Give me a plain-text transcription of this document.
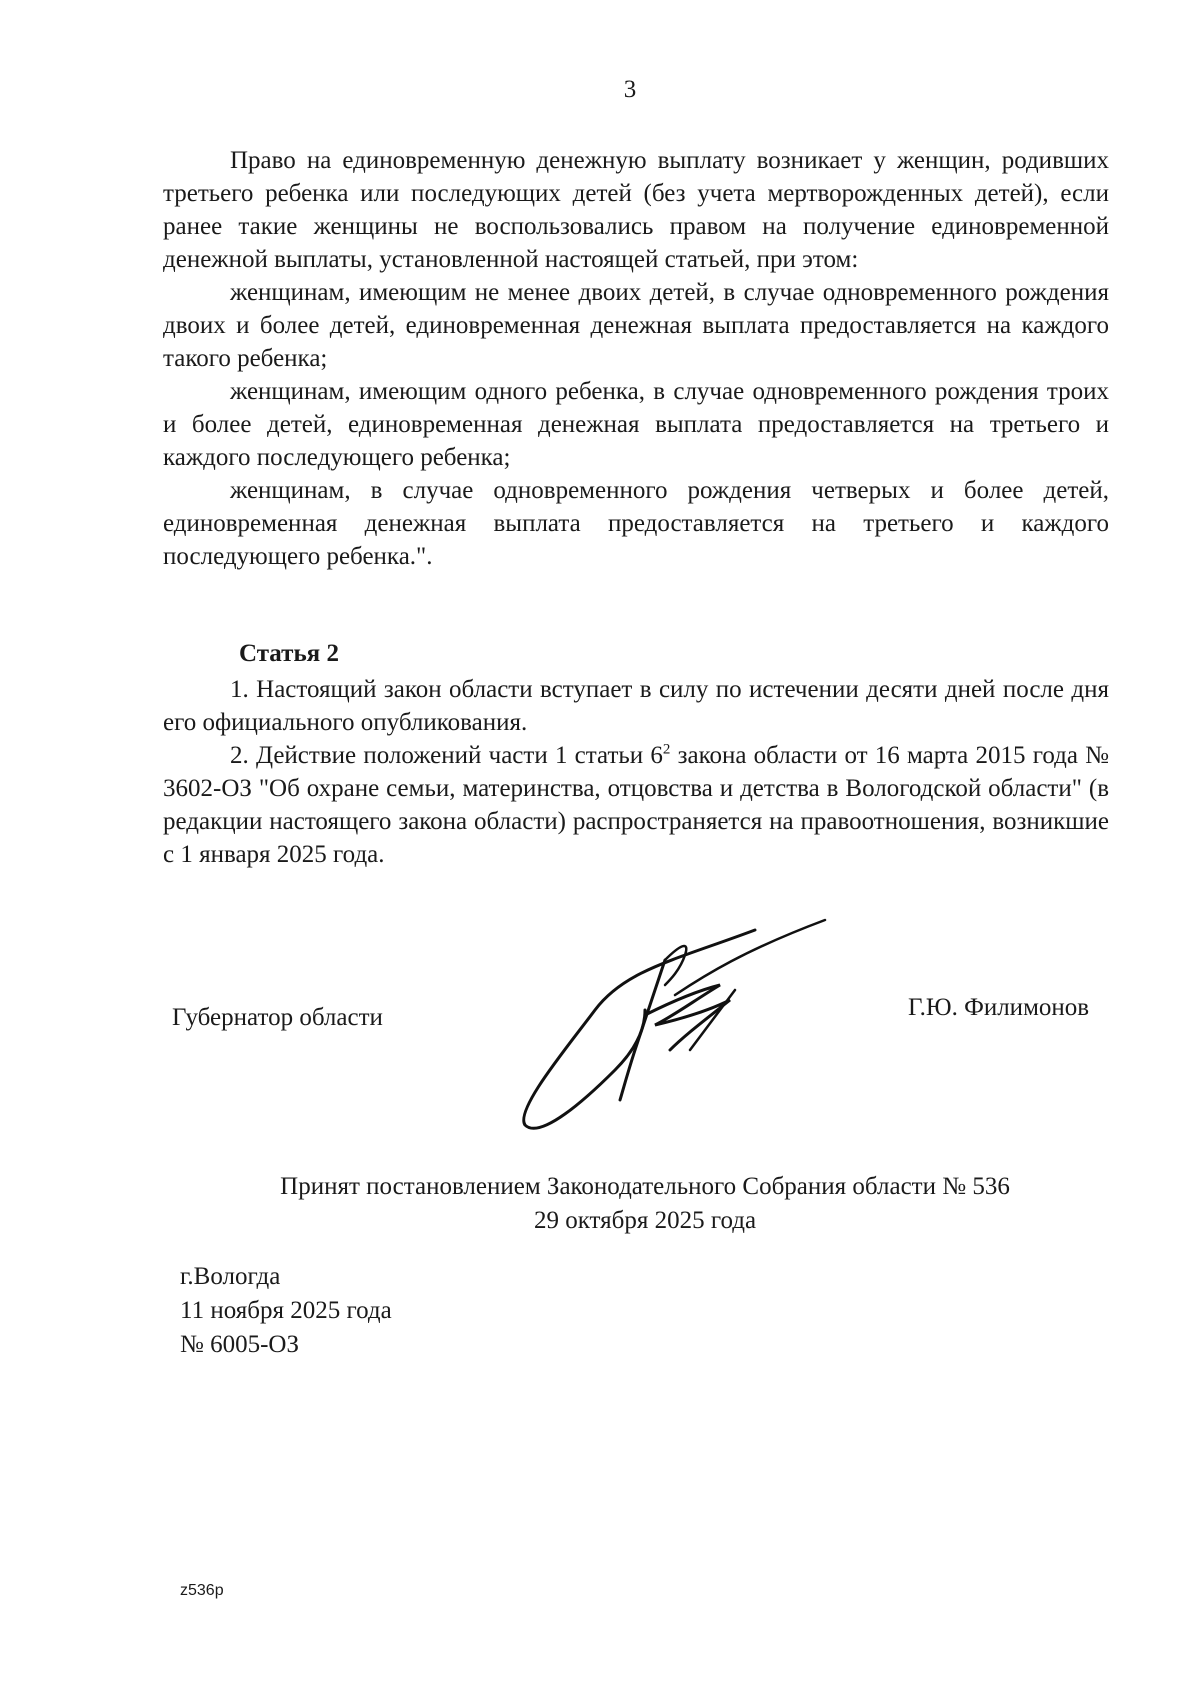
3

Право на единовременную денежную выплату возникает у женщин, родивших третьего ребенка или последующих детей (без учета мертворожденных детей), если ранее такие женщины не воспользовались правом на получение единовременной денежной выплаты, установленной настоящей статьей, при этом:

женщинам, имеющим не менее двоих детей, в случае одновременного рождения двоих и более детей, единовременная денежная выплата предоставляется на каждого такого ребенка;

женщинам, имеющим одного ребенка, в случае одновременного рождения троих и более детей, единовременная денежная выплата предоставляется на третьего и каждого последующего ребенка;

женщинам, в случае одновременного рождения четверых и более детей, единовременная денежная выплата предоставляется на третьего и каждого последующего ребенка.".

Статья 2

1. Настоящий закон области вступает в силу по истечении десяти дней после дня его официального опубликования.

2. Действие положений части 1 статьи $6^2$ закона области от 16 марта 2015 года № 3602-ОЗ "Об охране семьи, материнства, отцовства и детства в Вологодской области" (в редакции настоящего закона области) распространяется на правоотношения, возникшие с 1 января 2025 года.

Губернатор области	Г.Ю. Филимонов
Принят постановлением Законодательного Собрания области № 536
29 октября 2025 года
г.Вологда
11 ноября 2025 года
№ 6005-ОЗ
z536p
